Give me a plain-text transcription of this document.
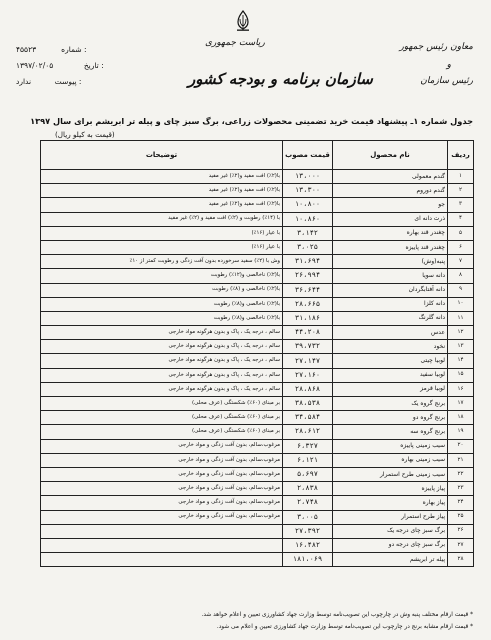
ریاست جمهوری
سازمان برنامه و بودجه کشور
۴۵۵۲۳	شماره :
۱۳۹۷/۰۲/۰۵	تاریخ :
ندارد	پیوست :
معاون رئیس جمهور
و
رئیس سازمان
جدول شماره ۱ـ پیشنهاد قیمت خرید تضمینی محصولات زراعی، برگ سبز چای و پیله تر ابریشم برای سال ۱۳۹۷
(قیمت به کیلو ریال)
ردیف	نام محصول	قیمت مصوب	توضیحات
۱	گندم معمولی	۱۳،۰۰۰	با(۲٪) افت مفید و(۲٪) غیر مفید
۲	گندم دوروم	۱۳،۳۰۰	با(۲٪) افت مفید و(۲٪) غیر مفید
۳	جو	۱۰،۸۰۰	با(۲٪) افت مفید و(۲٪) غیر مفید
۴	ذرت دانه ای	۱۰،۸۶۰	با (۱۴٪) رطوبت و (۲٪) افت مفید و (۲٪) غیر مفید
۵	چغندر قند بهاره	۳،۱۴۲	با عیار (۱۶٪)
۶	چغندر قند پاییزه	۳،۰۲۵	با عیار (۱۶٪)
۷	پنبه(وش)	۳۱،۶۹۴	وش با (۲٪) سفید سرخورده بدون آفت زدگی و رطوبت کمتر از ۱۰٪
۸	دانه سویا	۲۶،۹۹۴	با(۲٪) ناخالصی و(۱۲٪) رطوبت
۹	دانه آفتابگردان	۳۶،۶۴۴	با(۲٪) ناخالصی و (۸٪) رطوبت
۱۰	دانه کلزا	۲۸،۶۶۵	با(۲٪) ناخالصی و(۸٪) رطوبت
۱۱	دانه گلرنگ	۳۱،۱۸۶	با(۲٪) ناخالصی و(۸٪) رطوبت
۱۲	عدس	۴۴،۲۰۸	سالم ، درجه یک ، پاک و بدون هرگونه مواد خارجی
۱۳	نخود	۳۹،۷۳۲	سالم ، درجه یک ، پاک و بدون هرگونه مواد خارجی
۱۴	لوبیا چیتی	۲۷،۱۴۷	سالم ، درجه یک ، پاک و بدون هرگونه مواد خارجی
۱۵	لوبیا سفید	۲۷،۱۶۰	سالم ، درجه یک ، پاک و بدون هرگونه مواد خارجی
۱۶	لوبیا قرمز	۲۸،۸۶۸	سالم ، درجه یک ، پاک و بدون هرگونه مواد خارجی
۱۷	برنج گروه یک	۳۸،۵۳۸	بر مبنای (۶۰٪) شکستگی (عرف محلی)
۱۸	برنج گروه دو	۳۴،۵۸۴	بر مبنای (۶۰٪) شکستگی (عرف محلی)
۱۹	برنج گروه سه	۲۸،۶۱۲	بر مبنای (۶۰٪) شکستگی (عرف محلی)
۲۰	سیب زمینی پاییزه	۶،۳۲۷	مرغوب،سالم، بدون آفت زدگی و مواد خارجی
۲۱	سیب زمینی بهاره	۶،۱۲۱	مرغوب،سالم، بدون آفت زدگی و مواد خارجی
۲۲	سیب زمینی طرح استمرار	۵،۶۹۷	مرغوب،سالم، بدون آفت زدگی و مواد خارجی
۲۳	پیاز پاییزه	۲،۸۳۸	مرغوب،سالم، بدون آفت زدگی و مواد خارجی
۲۴	پیاز بهاره	۲،۷۴۸	مرغوب،سالم، بدون آفت زدگی و مواد خارجی
۲۵	پیاز طرح استمرار	۳،۰۰۵	مرغوب،سالم، بدون آفت زدگی و مواد خارجی
۲۶	برگ سبز چای درجه یک	۲۷،۳۹۲	
۲۷	برگ سبز چای درجه دو	۱۶،۴۸۲	
۲۸	پیله تر ابریشم	۱۸۱،۰۶۹	
* قیمت ارقام مختلف پنبه وش در چارچوب این تصویب‌نامه توسط وزارت جهاد کشاورزی تعیین و اعلام خواهد شد.
* قیمت ارقام مشابه برنج در چارچوب این تصویب‌نامه توسط وزارت جهاد کشاورزی تعیین و اعلام می شود.
